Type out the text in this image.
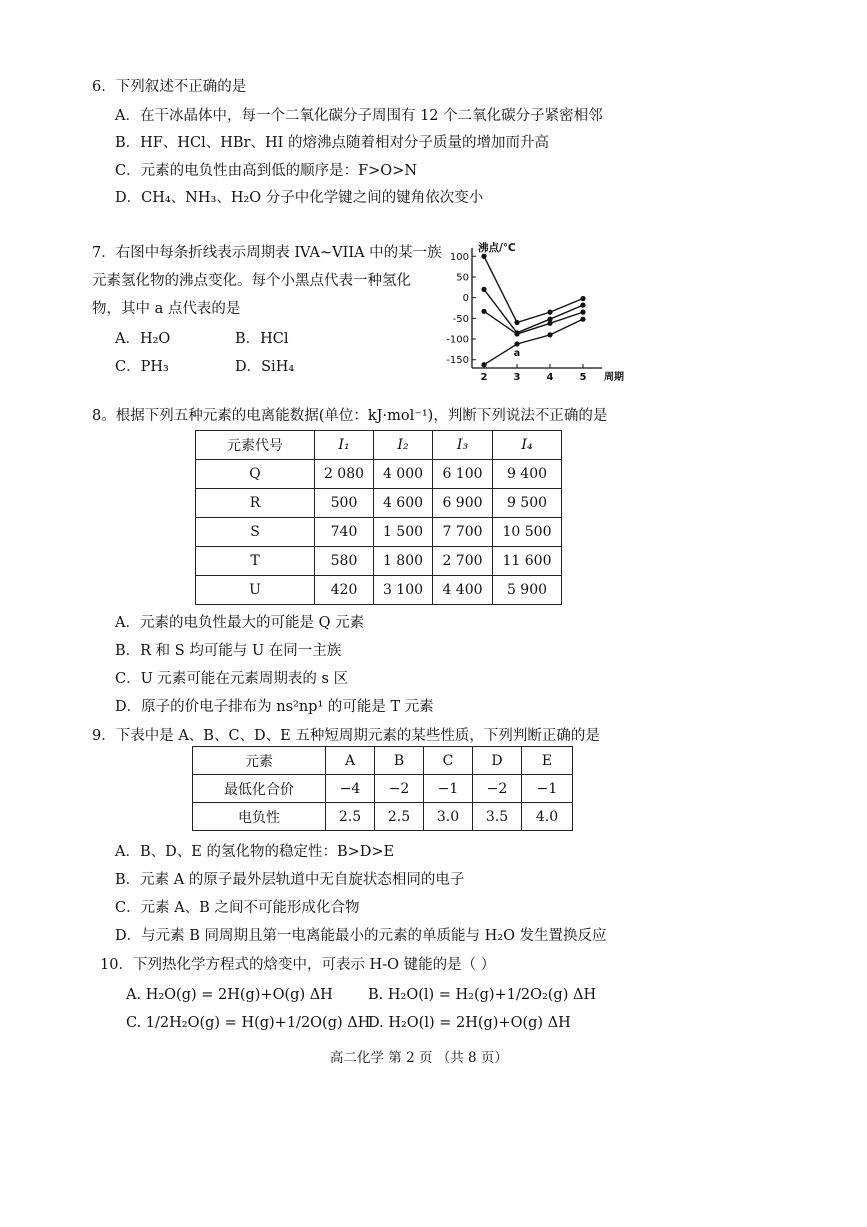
6．下列叙述不正确的是
A．在干冰晶体中，每一个二氧化碳分子周围有 12 个二氧化碳分子紧密相邻
B．HF、HCl、HBr、HI 的熔沸点随着相对分子质量的增加而升高
C．元素的电负性由高到低的顺序是：F>O>N
D．CH₄、NH₃、H₂O 分子中化学键之间的键角依次变小
7．右图中每条折线表示周期表 IVA~VIIA 中的某一族
元素氢化物的沸点变化。每个小黑点代表一种氢化
物，其中 a 点代表的是
A．H₂O	B．HCl
C．PH₃	D．SiH₄
100
50
0
-50
-100
-150
2	3	4	5
沸点/℃
周期
a
8。根据下列五种元素的电离能数据(单位：kJ·mol⁻¹)，判断下列说法不正确的是
元素代号	I₁	I₂	I₃	I₄
Q	2 080	4 000	6 100	9 400
R	500	4 600	6 900	9 500
S	740	1 500	7 700	10 500
T	580	1 800	2 700	11 600
U	420	3 100	4 400	5 900
A．元素的电负性最大的可能是 Q 元素
B．R 和 S 均可能与 U 在同一主族
C．U 元素可能在元素周期表的 s 区
D．原子的价电子排布为 ns²np¹ 的可能是 T 元素
9．下表中是 A、B、C、D、E 五种短周期元素的某些性质，下列判断正确的是
元素	A	B	C	D	E
最低化合价	−4	−2	−1	−2	−1
电负性	2.5	2.5	3.0	3.5	4.0
A．B、D、E 的氢化物的稳定性：B>D>E
B．元素 A 的原子最外层轨道中无自旋状态相同的电子
C．元素 A、B 之间不可能形成化合物
D．与元素 B 同周期且第一电离能最小的元素的单质能与 H₂O 发生置换反应
10．下列热化学方程式的焓变中，可表示 H-O 键能的是（ ）
A. H₂O(g) = 2H(g)+O(g) ΔH B. H₂O(l) = H₂(g)+1/2O₂(g) ΔH
C. 1/2H₂O(g) = H(g)+1/2O(g) ΔH
D. H₂O(l) = 2H(g)+O(g) ΔH
高二化学 第 2 页 （共 8 页）
